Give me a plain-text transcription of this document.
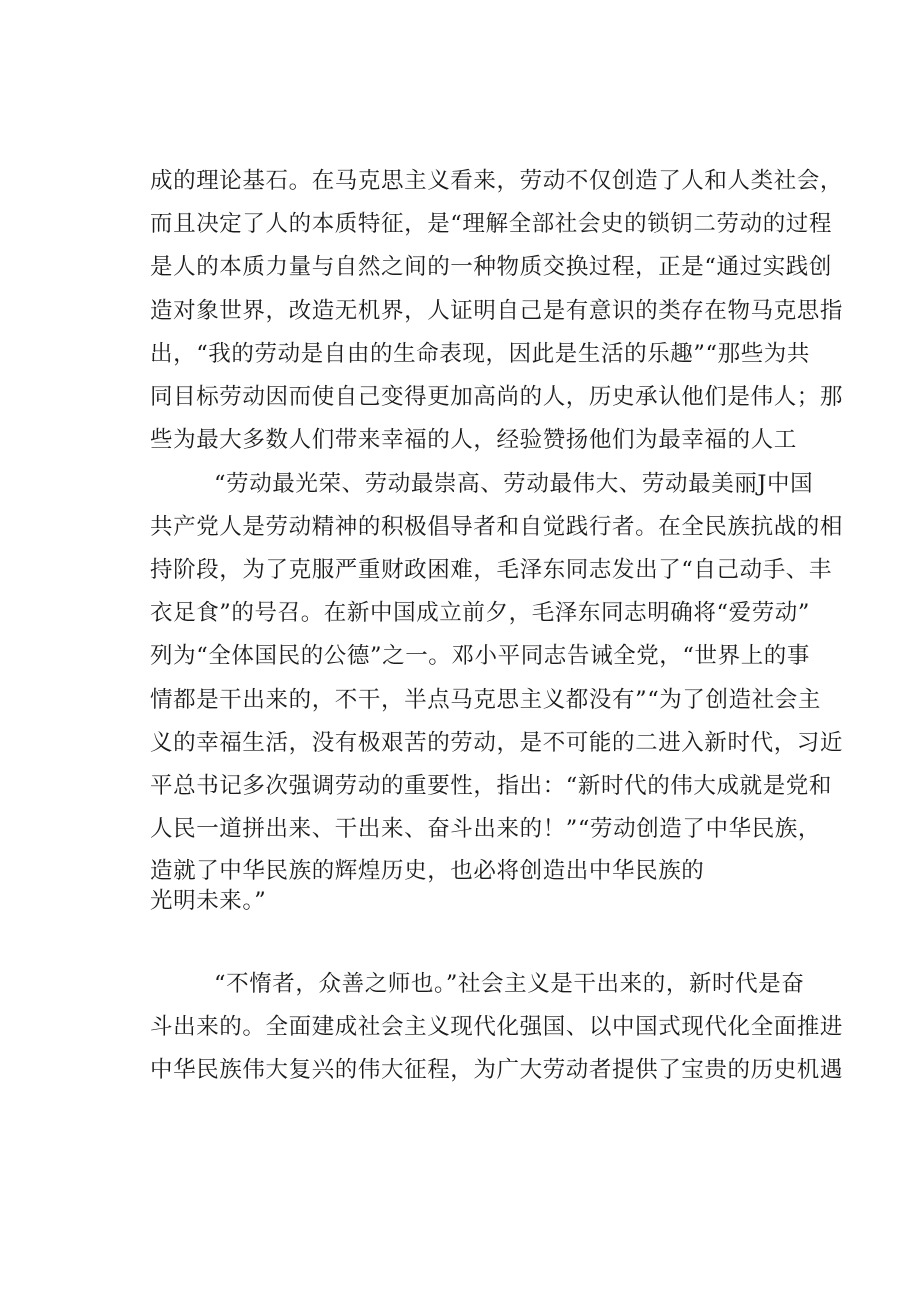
成的理论基石。在马克思主义看来，劳动不仅创造了人和人类社会，
而且决定了人的本质特征，是“理解全部社会史的锁钥二劳动的过程
是人的本质力量与自然之间的一种物质交换过程，正是“通过实践创
造对象世界，改造无机界，人证明自己是有意识的类存在物马克思指
出，“我的劳动是自由的生命表现，因此是生活的乐趣”“那些为共
同目标劳动因而使自己变得更加高尚的人，历史承认他们是伟人；那
些为最大多数人们带来幸福的人，经验赞扬他们为最幸福的人工
“劳动最光荣、劳动最崇高、劳动最伟大、劳动最美丽J中国
共产党人是劳动精神的积极倡导者和自觉践行者。在全民族抗战的相
持阶段，为了克服严重财政困难，毛泽东同志发出了“自己动手、丰
衣足食”的号召。在新中国成立前夕，毛泽东同志明确将“爱劳动”
列为“全体国民的公德”之一。邓小平同志告诫全党，“世界上的事
情都是干出来的，不干，半点马克思主义都没有”“为了创造社会主
义的幸福生活，没有极艰苦的劳动，是不可能的二进入新时代，习近
平总书记多次强调劳动的重要性，指出：“新时代的伟大成就是党和
人民一道拼出来、干出来、奋斗出来的！”“劳动创造了中华民族，
造就了中华民族的辉煌历史，也必将创造出中华民族的
光明未来。”
“不惰者，众善之师也。”社会主义是干出来的，新时代是奋
斗出来的。全面建成社会主义现代化强国、以中国式现代化全面推进
中华民族伟大复兴的伟大征程，为广大劳动者提供了宝贵的历史机遇
